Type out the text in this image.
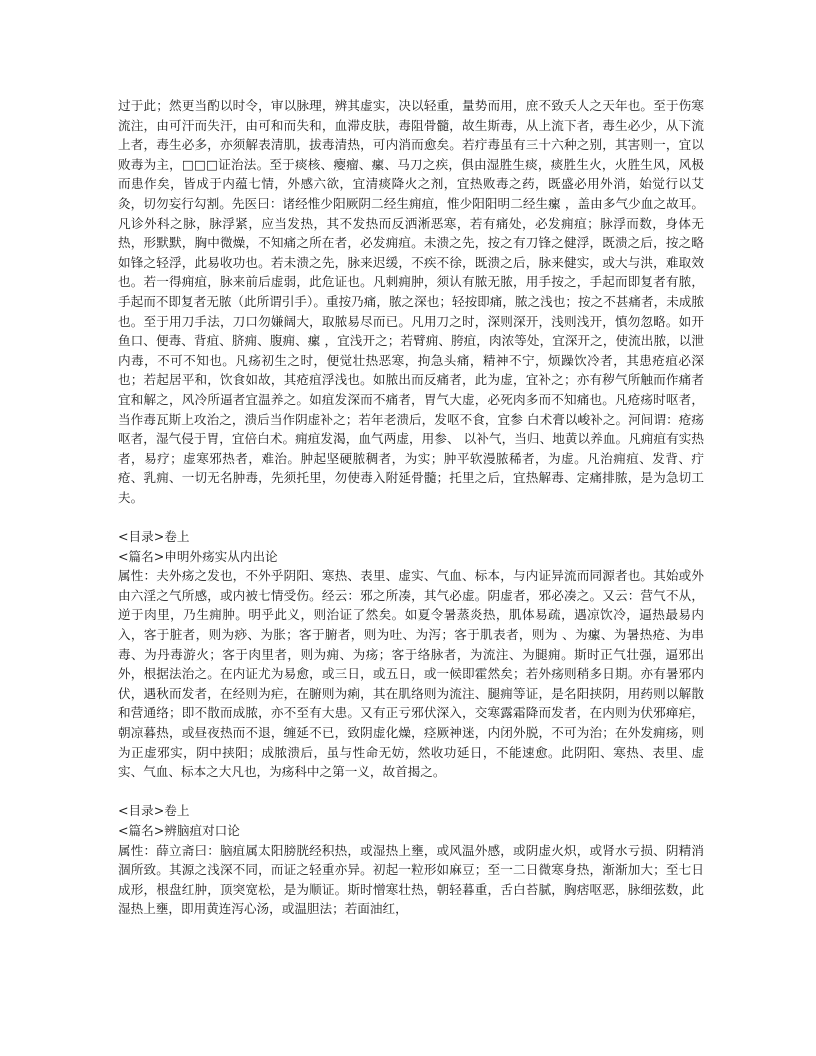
过于此；然更当酌以时令，审以脉理，辨其虚实，决以轻重，量势而用，庶不致夭人之天年也。至于伤寒流注，由可汗而失汗，由可和而失和，血滞皮肤，毒阻骨髓，故生斯毒，从上流下者，毒生必少，从下流上者，毒生必多，亦须解表清肌，拔毒清热，可内消而愈矣。若疔毒虽有三十六种之别，其害则一，宜以败毒为主，□□□证治法。至于痰核、瘿瘤、瘰、马刀之疾，俱由湿胜生痰，痰胜生火，火胜生风，风极而患作矣，皆成于内蕴七情，外感六欲，宜清痰降火之剂，宜热败毒之药，既盛必用外消，始觉行以艾灸，切勿妄行勾割。先医曰：诸经惟少阳厥阴二经生痈疽，惟少阳阳明二经生瘰 ，盖由多气少血之故耳。凡诊外科之脉，脉浮紧，应当发热，其不发热而反洒淅恶寒，若有痛处，必发痈疽；脉浮而数，身体无热，形默默，胸中微燥，不知痛之所在者，必发痈疽。未溃之先，按之有刀锋之健浮，既溃之后，按之略如锋之轻浮，此易收功也。若未溃之先，脉来迟缓，不疾不徐，既溃之后，脉来健实，或大与洪，难取效也。若一得痈疽，脉来前后虚弱，此危证也。凡刺痈肿，须认有脓无脓，用手按之，手起而即复者有脓，手起而不即复者无脓（此所谓引手）。重按乃痛，脓之深也；轻按即痛，脓之浅也；按之不甚痛者，未成脓也。至于用刀手法，刀口勿嫌阔大，取脓易尽而已。凡用刀之时，深则深开，浅则浅开，慎勿忽略。如开鱼口、便毒、背疽、脐痈、腹痈、瘰 ，宜浅开之；若臂痈、胯疽，肉浓等处，宜深开之，使流出脓，以泄内毒，不可不知也。凡疡初生之时，便觉壮热恶寒，拘急头痛，精神不宁，烦躁饮冷者，其患疮疽必深也；若起居平和，饮食如故，其疮疽浮浅也。如脓出而反痛者，此为虚，宜补之；亦有秽气所触而作痛者宜和解之，风冷所逼者宜温养之。如疽发深而不痛者，胃气大虚，必死肉多而不知痛也。凡疮疡时呕者，当作毒瓦斯上攻治之，溃后当作阴虚补之；若年老溃后，发呕不食，宜参 白术膏以峻补之。河间谓：疮疡呕者，湿气侵于胃，宜倍白术。痈疽发渴，血气两虚，用参、 以补气，当归、地黄以养血。凡痈疽有实热者，易疗；虚寒邪热者，难治。肿起坚硬脓稠者，为实；肿平软漫脓稀者，为虚。凡治痈疽、发背、疔疮、乳痈、一切无名肿毒，先须托里，勿使毒入附延骨髓；托里之后，宜热解毒、定痛排脓，是为急切工夫。

<目录>卷上

<篇名>申明外疡实从内出论

属性：夫外疡之发也，不外乎阴阳、寒热、表里、虚实、气血、标本，与内证异流而同源者也。其始或外由六淫之气所感，或内被七情受伤。经云：邪之所凑，其气必虚。阴虚者，邪必凑之。又云：营气不从，逆于肉里，乃生痈肿。明乎此义，则治证了然矣。如夏令暑蒸炎热，肌体易疏，遇凉饮冷，逼热最易内入，客于脏者，则为痧、为胀；客于腑者，则为吐、为泻；客于肌表者，则为 、为瘰、为暑热疮、为串毒、为丹毒游火；客于肉里者，则为痈、为疡；客于络脉者，为流注、为腿痈。斯时正气壮强，逼邪出外，根据法治之。在内证尤为易愈，或三日，或五日，或一候即霍然矣；若外疡则稍多日期。亦有暑邪内伏，遇秋而发者，在经则为疟，在腑则为痢，其在肌络则为流注、腿痈等证，是名阳挟阴，用药则以解散和营通络；即不散而成脓，亦不至有大患。又有正亏邪伏深入，交寒露霜降而发者，在内则为伏邪瘅疟，朝凉暮热，或昼夜热而不退，缠延不已，致阴虚化燥，痉厥神迷，内闭外脱，不可为治；在外发痈疡，则为正虚邪实，阴中挟阳；成脓溃后，虽与性命无妨，然收功延日，不能速愈。此阴阳、寒热、表里、虚实、气血、标本之大凡也，为疡科中之第一义，故首揭之。

<目录>卷上

<篇名>辨脑疽对口论

属性：薛立斋曰：脑疽属太阳膀胱经积热，或湿热上壅，或风温外感，或阴虚火炽，或肾水亏损、阴精消涸所致。其源之浅深不同，而证之轻重亦异。初起一粒形如麻豆；至一二日微寒身热，渐渐加大；至七日成形，根盘红肿，顶突宽松，是为顺证。斯时憎寒壮热，朝轻暮重，舌白苔腻，胸痞呕恶，脉细弦数，此湿热上壅，即用黄连泻心汤，或温胆法；若面油红，
